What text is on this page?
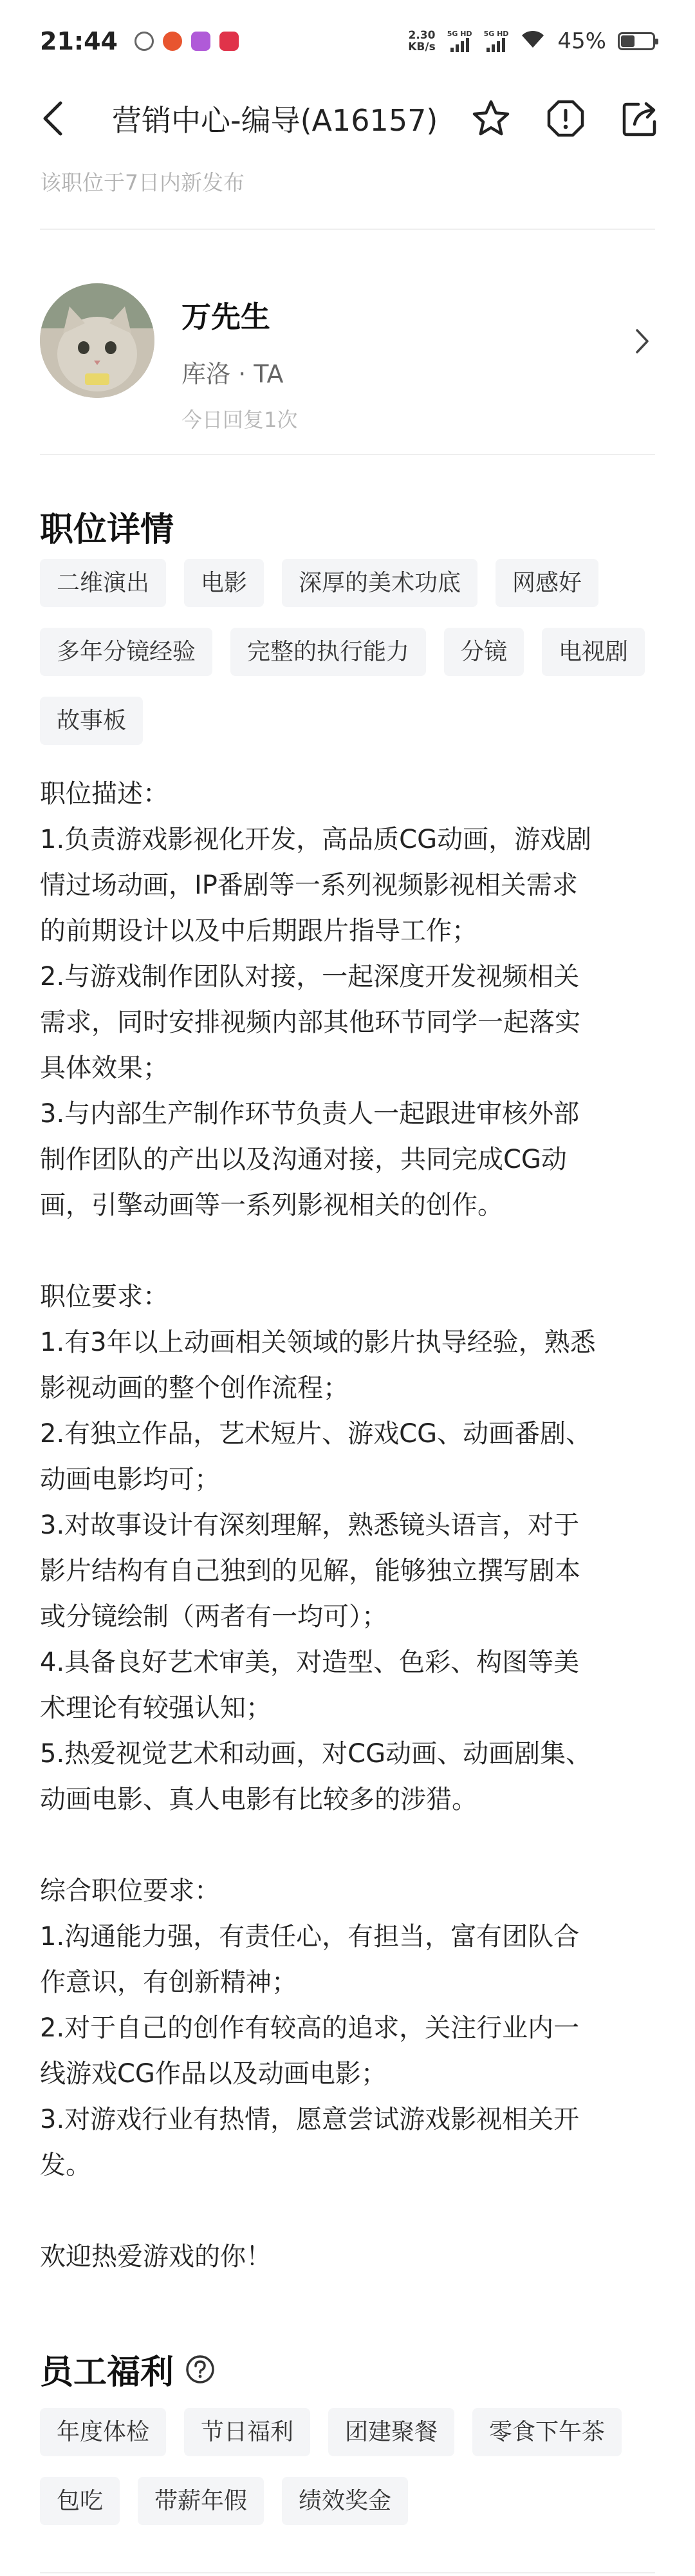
21:44	2.30
KB/s
5G HD 5G HD 45%
营销中心-编导(A16157)
该职位于7日内新发布
万先生
库洛 · TA
今日回复1次
职位详情
二维演出	电影	深厚的美术功底	网感好
多年分镜经验	完整的执行能力	分镜	电视剧
故事板
职位描述：
1.负责游戏影视化开发，高品质CG动画，游戏剧
情过场动画，IP番剧等一系列视频影视相关需求
的前期设计以及中后期跟片指导工作；
2.与游戏制作团队对接，一起深度开发视频相关
需求，同时安排视频内部其他环节同学一起落实
具体效果；
3.与内部生产制作环节负责人一起跟进审核外部
制作团队的产出以及沟通对接，共同完成CG动
画，引擎动画等一系列影视相关的创作。

职位要求：
1.有3年以上动画相关领域的影片执导经验，熟悉
影视动画的整个创作流程；
2.有独立作品，艺术短片、游戏CG、动画番剧、
动画电影均可；
3.对故事设计有深刻理解，熟悉镜头语言，对于
影片结构有自己独到的见解，能够独立撰写剧本
或分镜绘制（两者有一均可）；
4.具备良好艺术审美，对造型、色彩、构图等美
术理论有较强认知；
5.热爱视觉艺术和动画，对CG动画、动画剧集、
动画电影、真人电影有比较多的涉猎。

综合职位要求：
1.沟通能力强，有责任心，有担当，富有团队合
作意识，有创新精神；
2.对于自己的创作有较高的追求，关注行业内一
线游戏CG作品以及动画电影；
3.对游戏行业有热情，愿意尝试游戏影视相关开
发。

欢迎热爱游戏的你！
员工福利
年度体检	节日福利	团建聚餐	零食下午茶
包吃	带薪年假	绩效奖金
